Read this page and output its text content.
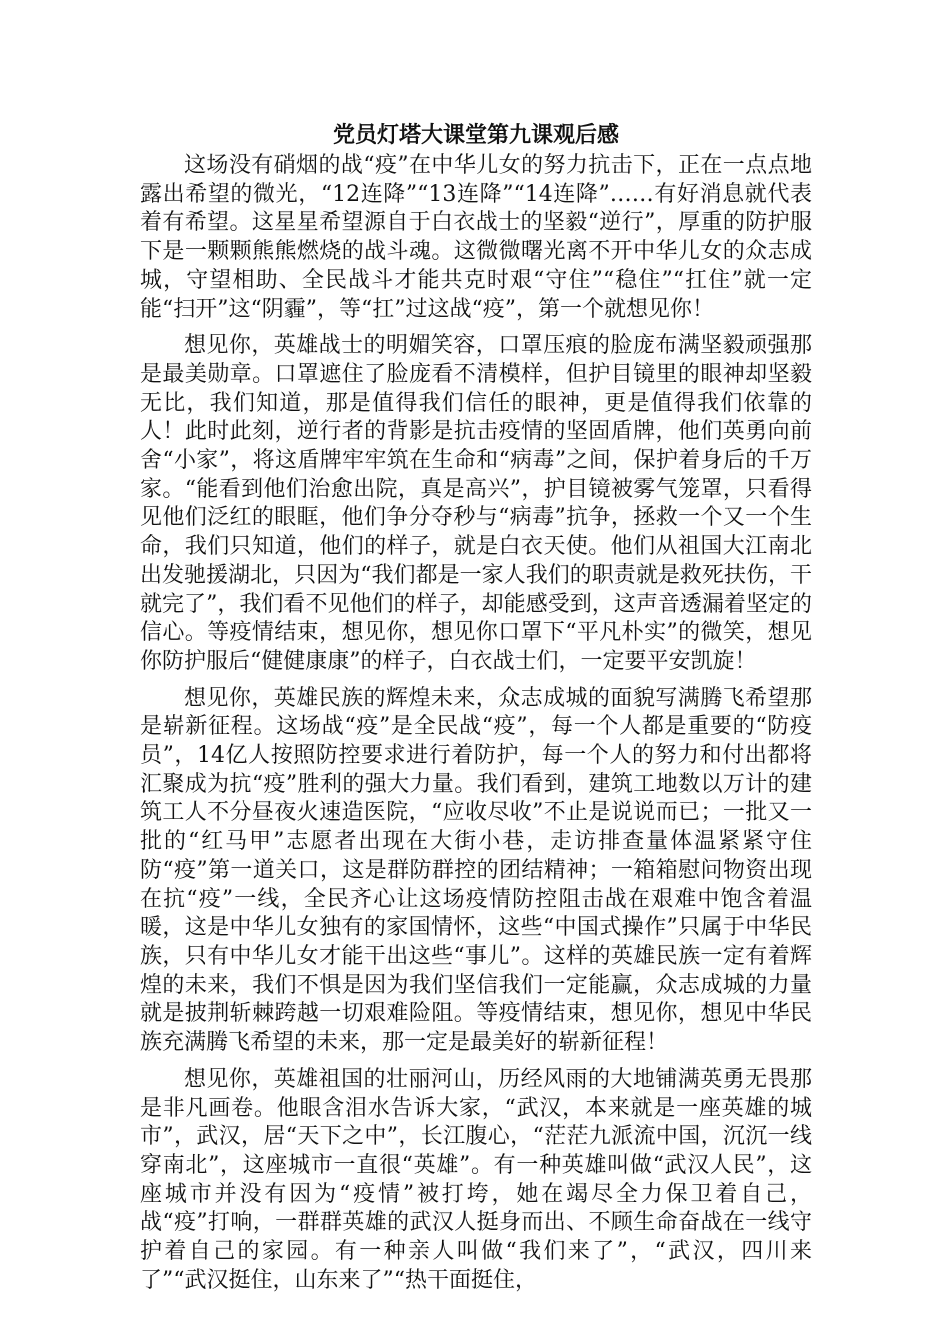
党员灯塔大课堂第九课观后感

这场没有硝烟的战“疫”在中华儿女的努力抗击下，正在一点点地露出希望的微光，“12连降”“13连降”“14连降”……有好消息就代表着有希望。这星星希望源自于白衣战士的坚毅“逆行”，厚重的防护服下是一颗颗熊熊燃烧的战斗魂。这微微曙光离不开中华儿女的众志成城，守望相助、全民战斗才能共克时艰“守住”“稳住”“扛住”就一定能“扫开”这“阴霾”，等“扛”过这战“疫”，第一个就想见你！

想见你，英雄战士的明媚笑容，口罩压痕的脸庞布满坚毅顽强那是最美勋章。口罩遮住了脸庞看不清模样，但护目镜里的眼神却坚毅无比，我们知道，那是值得我们信任的眼神，更是值得我们依靠的人！此时此刻，逆行者的背影是抗击疫情的坚固盾牌，他们英勇向前舍“小家”，将这盾牌牢牢筑在生命和“病毒”之间，保护着身后的千万家。“能看到他们治愈出院，真是高兴”，护目镜被雾气笼罩，只看得见他们泛红的眼眶，他们争分夺秒与“病毒”抗争，拯救一个又一个生命，我们只知道，他们的样子，就是白衣天使。他们从祖国大江南北出发驰援湖北，只因为“我们都是一家人我们的职责就是救死扶伤，干就完了”，我们看不见他们的样子，却能感受到，这声音透漏着坚定的信心。等疫情结束，想见你，想见你口罩下“平凡朴实”的微笑，想见你防护服后“健健康康”的样子，白衣战士们，一定要平安凯旋！

想见你，英雄民族的辉煌未来，众志成城的面貌写满腾飞希望那是崭新征程。这场战“疫”是全民战“疫”，每一个人都是重要的“防疫员”，14亿人按照防控要求进行着防护，每一个人的努力和付出都将汇聚成为抗“疫”胜利的强大力量。我们看到，建筑工地数以万计的建筑工人不分昼夜火速造医院，“应收尽收”不止是说说而已；一批又一批的“红马甲”志愿者出现在大街小巷，走访排查量体温紧紧守住防“疫”第一道关口，这是群防群控的团结精神；一箱箱慰问物资出现在抗“疫”一线，全民齐心让这场疫情防控阻击战在艰难中饱含着温暖，这是中华儿女独有的家国情怀，这些“中国式操作”只属于中华民族，只有中华儿女才能干出这些“事儿”。这样的英雄民族一定有着辉煌的未来，我们不惧是因为我们坚信我们一定能赢，众志成城的力量就是披荆斩棘跨越一切艰难险阻。等疫情结束，想见你，想见中华民族充满腾飞希望的未来，那一定是最美好的崭新征程！

想见你，英雄祖国的壮丽河山，历经风雨的大地铺满英勇无畏那是非凡画卷。他眼含泪水告诉大家，“武汉，本来就是一座英雄的城市”，武汉，居“天下之中”，长江腹心，“茫茫九派流中国，沉沉一线穿南北”，这座城市一直很“英雄”。有一种英雄叫做“武汉人民”，这座城市并没有因为“疫情”被打垮，她在竭尽全力保卫着自己，战“疫”打响，一群群英雄的武汉人挺身而出、不顾生命奋战在一线守护着自己的家园。有一种亲人叫做“我们来了”，“武汉，四川来了”“武汉挺住，山东来了”“热干面挺住，
